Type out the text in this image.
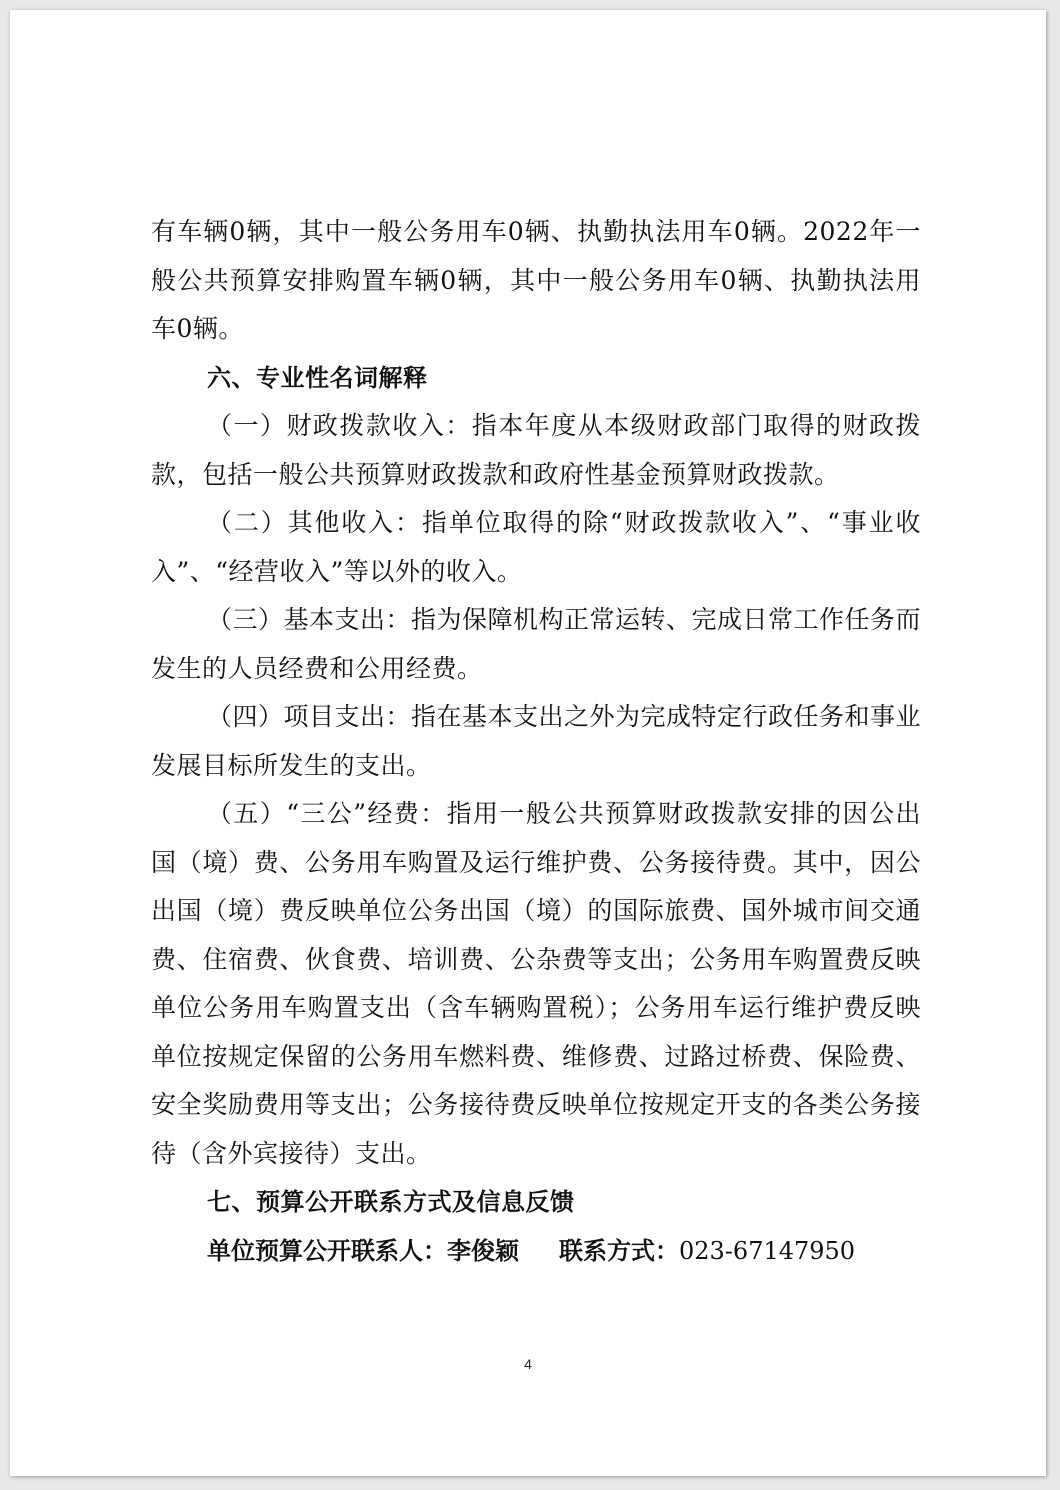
有车辆0辆，其中一般公务用车0辆、执勤执法用车0辆。2022年一般公共预算安排购置车辆0辆，其中一般公务用车0辆、执勤执法用车0辆。

六、专业性名词解释

（一）财政拨款收入：指本年度从本级财政部门取得的财政拨款，包括一般公共预算财政拨款和政府性基金预算财政拨款。

（二）其他收入：指单位取得的除“财政拨款收入”、“事业收入”、“经营收入”等以外的收入。

（三）基本支出：指为保障机构正常运转、完成日常工作任务而发生的人员经费和公用经费。

（四）项目支出：指在基本支出之外为完成特定行政任务和事业发展目标所发生的支出。

（五）“三公”经费：指用一般公共预算财政拨款安排的因公出国（境）费、公务用车购置及运行维护费、公务接待费。其中，因公出国（境）费反映单位公务出国（境）的国际旅费、国外城市间交通费、住宿费、伙食费、培训费、公杂费等支出；公务用车购置费反映单位公务用车购置支出（含车辆购置税）；公务用车运行维护费反映单位按规定保留的公务用车燃料费、维修费、过路过桥费、保险费、安全奖励费用等支出；公务接待费反映单位按规定开支的各类公务接待（含外宾接待）支出。

七、预算公开联系方式及信息反馈

单位预算公开联系人：李俊颖 联系方式：023-67147950

4
